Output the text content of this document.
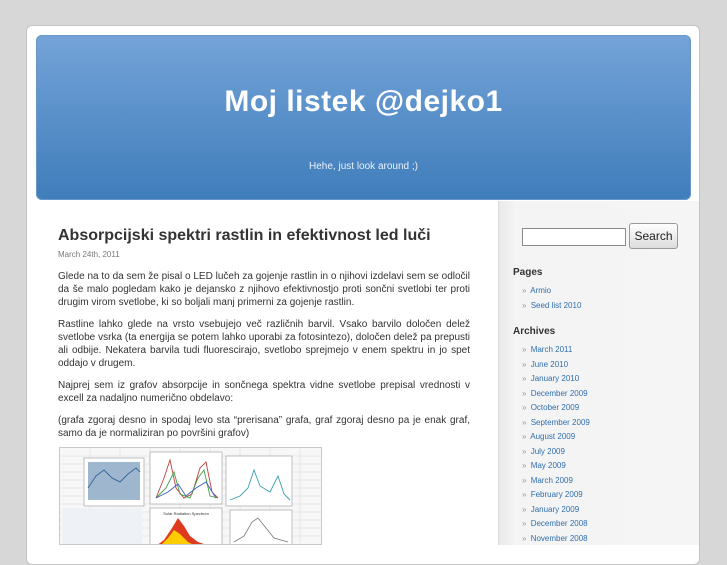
Moj listek @dejko1
Hehe, just look around ;)
Absorpcijski spektri rastlin in efektivnost led luči
March 24th, 2011

Glede na to da sem že pisal o LED lučeh za gojenje rastlin in o njihovi izdelavi sem se odločil da še malo pogledam kako je dejansko z njihovo efektivnostjo proti sončni svetlobi ter proti drugim virom svetlobe, ki so boljali manj primerni za gojenje rastlin.

Rastline lahko glede na vrsto vsebujejo več različnih barvil. Vsako barvilo določen delež svetlobe vsrka (ta energija se potem lahko uporabi za fotosintezo), določen delež pa prepusti ali odbije. Nekatera barvila tudi fluorescirajo, svetlobo sprejmejo v enem spektru in jo spet oddajo v drugem.

Najprej sem iz grafov absorpcije in sončnega spektra vidne svetlobe prepisal vrednosti v excell za nadaljno numerično obdelavo:

(grafa zgoraj desno in spodaj levo sta “prerisana” grafa, graf zgoraj desno pa je enak graf, samo da je normaliziran po površini grafov)

Solar Radiation Spectrum
Search
Pages
» Armio
» Seed list 2010
Archives
» March 2011
» June 2010
» January 2010
» December 2009
» October 2009
» September 2009
» August 2009
» July 2009
» May 2009
» March 2009
» February 2009
» January 2009
» December 2008
» November 2008
